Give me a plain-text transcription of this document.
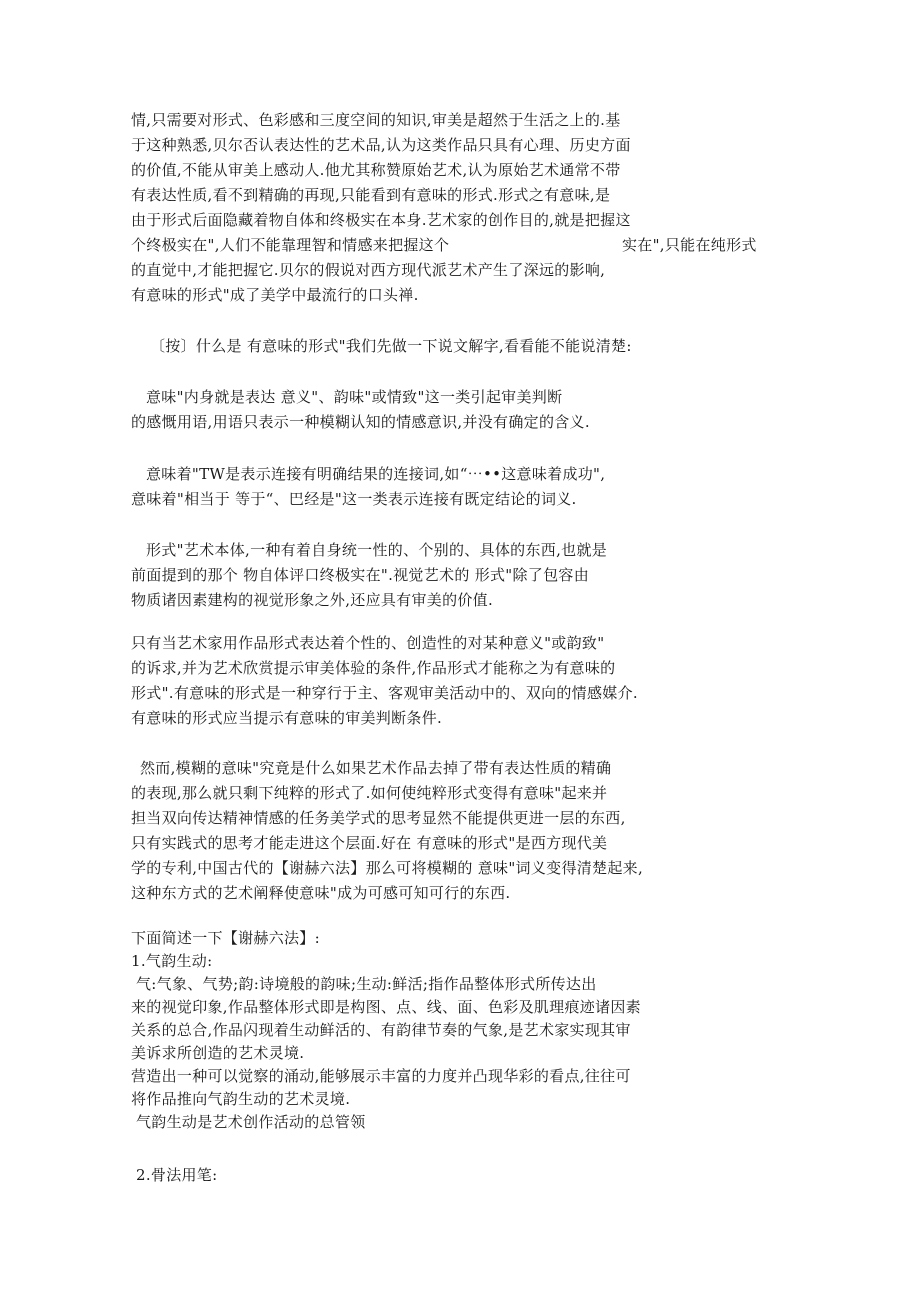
情,只需要对形式、色彩感和三度空间的知识,审美是超然于生活之上的.基
于这种熟悉,贝尔否认表达性的艺术品,认为这类作品只具有心理、历史方面
的价值,不能从审美上感动人.他尤其称赞原始艺术,认为原始艺术通常不带
有表达性质,看不到精确的再现,只能看到有意味的形式.形式之有意味,是
由于形式后面隐藏着物自体和终极实在本身.艺术家的创作目的,就是把握这
个终极实在",人们不能靠理智和情感来把握这个	实在",只能在纯形式
的直觉中,才能把握它.贝尔的假说对西方现代派艺术产生了深远的影响,
有意味的形式"成了美学中最流行的口头禅.
〔按〕什么是 有意味的形式"我们先做一下说文解字,看看能不能说清楚:
意味"内身就是表达 意义"、韵味"或情致"这一类引起审美判断
的感慨用语,用语只表示一种模糊认知的情感意识,并没有确定的含义.
意味着"TW是表示连接有明确结果的连接词,如“⋯••这意味着成功",
意味着"相当于 等于“、巴经是"这一类表示连接有既定结论的词义.
形式"艺术本体,一种有着自身统一性的、个别的、具体的东西,也就是
前面提到的那个 物自体评口终极实在".视觉艺术的 形式"除了包容由
物质诸因素建构的视觉形象之外,还应具有审美的价值.
只有当艺术家用作品形式表达着个性的、创造性的对某种意义"或韵致"
的诉求,并为艺术欣赏提示审美体验的条件,作品形式才能称之为有意味的
形式".有意味的形式是一种穿行于主、客观审美活动中的、双向的情感媒介.
有意味的形式应当提示有意味的审美判断条件.
然而,模糊的意味"究竟是什么如果艺术作品去掉了带有表达性质的精确
的表现,那么就只剩下纯粹的形式了.如何使纯粹形式变得有意味"起来并
担当双向传达精神情感的任务美学式的思考显然不能提供更进一层的东西,
只有实践式的思考才能走进这个层面.好在 有意味的形式"是西方现代美
学的专利,中国古代的【谢赫六法】那么可将模糊的 意味"词义变得清楚起来,
这种东方式的艺术阐释使意味"成为可感可知可行的东西.
下面简述一下【谢赫六法】:
1.气韵生动:
气:气象、气势;韵:诗境般的韵味;生动:鲜活;指作品整体形式所传达出
来的视觉印象,作品整体形式即是构图、点、线、面、色彩及肌理痕迹诸因素
关系的总合,作品闪现着生动鲜活的、有韵律节奏的气象,是艺术家实现其审
美诉求所创造的艺术灵境.
营造出一种可以觉察的涌动,能够展示丰富的力度并凸现华彩的看点,往往可
将作品推向气韵生动的艺术灵境.
气韵生动是艺术创作活动的总管领
2.骨法用笔:
